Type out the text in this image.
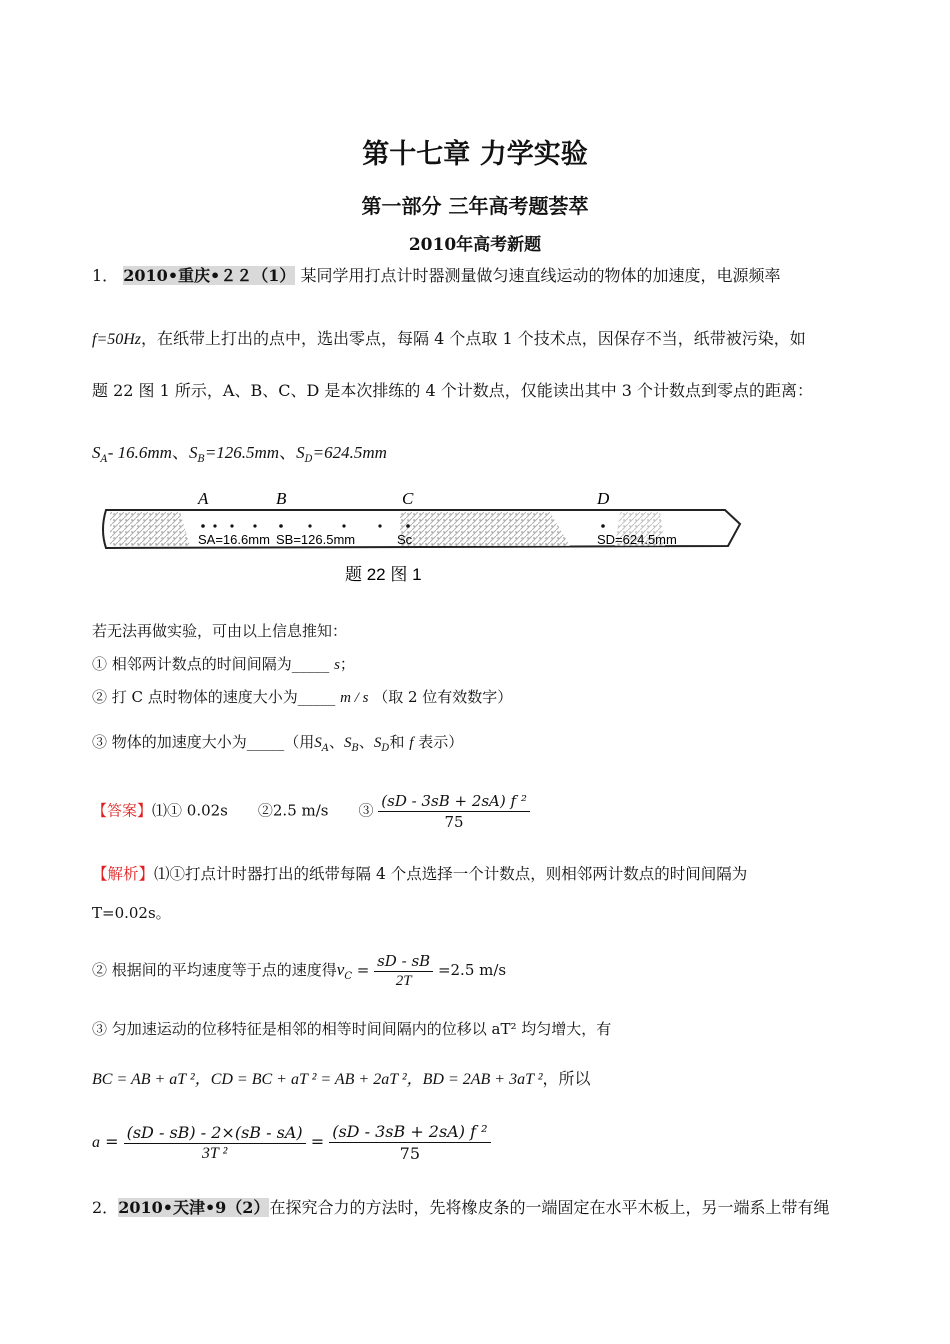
第十七章 力学实验
第一部分 三年高考题荟萃
2010年高考新题
1． 2010•重庆•２２（1） 某同学用打点计时器测量做匀速直线运动的物体的加速度，电源频率
f=50Hz，在纸带上打出的点中，选出零点，每隔 4 个点取 1 个技术点，因保存不当，纸带被污染，如
题 22 图 1 所示，A、B、C、D 是本次排练的 4 个计数点，仅能读出其中 3 个计数点到零点的距离：
$S_A-$ 16.6mm、$S_B=126.5mm$、$S_D=624.5mm$
A	B	C	D
SA=16.6mm SB=126.5mm	Sc	SD=624.5mm
题 22 图 1
若无法再做实验，可由以上信息推知：
① 相邻两计数点的时间间隔为_____ s；
② 打 C 点时物体的速度大小为_____ m / s （取 2 位有效数字）
③ 物体的加速度大小为_____（用$S_A$、$S_B$、$S_D$和 f 表示）
【答案】⑴① 0.02s　　②2.5 m/s　　③ $\frac{\text{(sD - 3sB + 2sA) f ²}}{75}$
【解析】⑴①打点计时器打出的纸带每隔 4 个点选择一个计数点，则相邻两计数点的时间间隔为
T=0.02s。
② 根据间的平均速度等于点的速度得$v_C = \frac{sD - sB}{2T} =2.5$ m/s
③ 匀加速运动的位移特征是相邻的相等时间间隔内的位移以 aT² 均匀增大，有
BC = AB + aT ²，CD = BC + aT ² = AB + 2aT ²，BD = 2AB + 3aT ²，所以
$a = \frac{(sD - sB) - 2\times(sB - sA)}{\text{3T ²}} = \frac{\text{(sD - 3sB + 2sA) f ²}}{75}$
2．2010•天津•9（2）在探究合力的方法时，先将橡皮条的一端固定在水平木板上，另一端系上带有绳
